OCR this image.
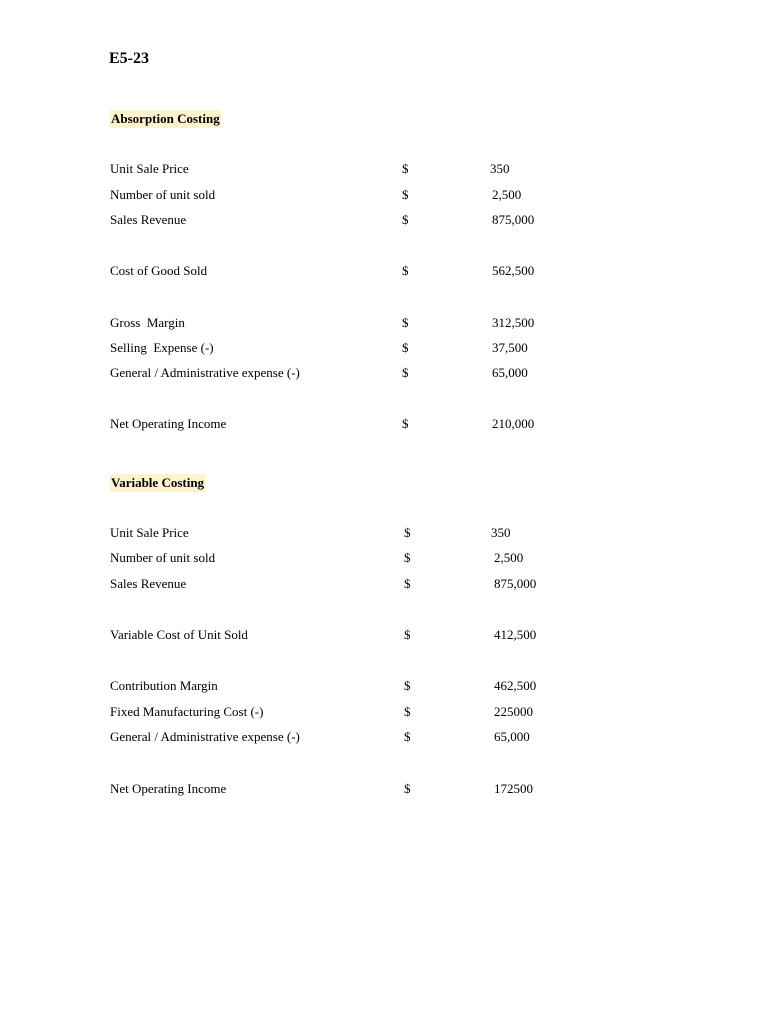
E5-23
Absorption Costing
Unit Sale Price	$	350
Number of unit sold	$	2,500
Sales Revenue	$	875,000
Cost of Good Sold	$	562,500
Gross  Margin	$	312,500
Selling  Expense (-)	$	37,500
General / Administrative expense (-)	$	65,000
Net Operating Income	$	210,000
Variable Costing
Unit Sale Price	$	350
Number of unit sold	$	2,500
Sales Revenue	$	875,000
Variable Cost of Unit Sold	$	412,500
Contribution Margin	$	462,500
Fixed Manufacturing Cost (-)	$	225000
General / Administrative expense (-)	$	65,000
Net Operating Income	$	172500
